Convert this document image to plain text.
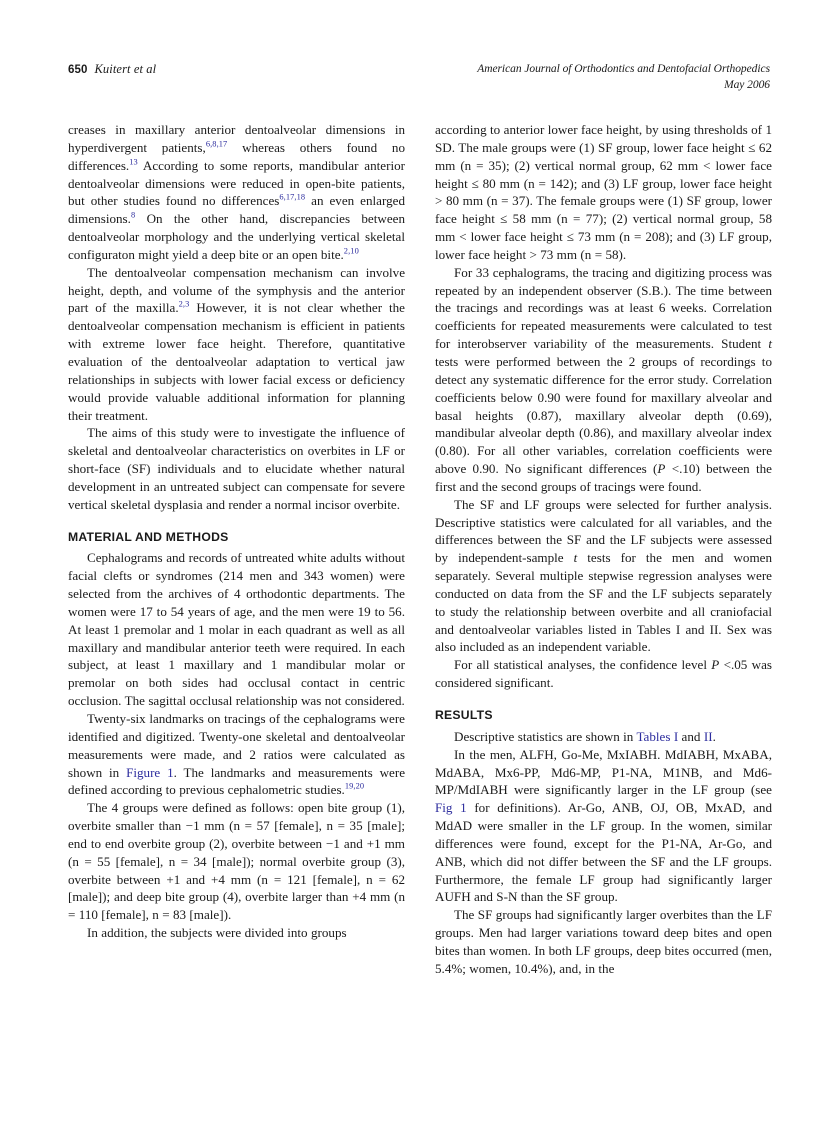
650 Kuitert et al	American Journal of Orthodontics and Dentofacial Orthopedics
May 2006

creases in maxillary anterior dentoalveolar dimensions in hyperdivergent patients,$^{6,8,17}$ whereas others found no differences.$^{13}$ According to some reports, mandibular anterior dentoalveolar dimensions were reduced in open-bite patients, but other studies found no differences$^{6,17,18}$ an even enlarged dimensions.$^8$ On the other hand, discrepancies between dentoalveolar morphology and the underlying vertical skeletal configuraton might yield a deep bite or an open bite.$^{2,10}$

The dentoalveolar compensation mechanism can involve height, depth, and volume of the symphysis and the anterior part of the maxilla.$^{2,3}$ However, it is not clear whether the dentoalveolar compensation mechanism is efficient in patients with extreme lower face height. Therefore, quantitative evaluation of the dentoalveolar adaptation to vertical jaw relationships in subjects with lower facial excess or deficiency would provide valuable additional information for planning their treatment.

The aims of this study were to investigate the influence of skeletal and dentoalveolar characteristics on overbites in LF or short-face (SF) individuals and to elucidate whether natural development in an untreated subject can compensate for severe vertical skeletal dysplasia and render a normal incisor overbite.

MATERIAL AND METHODS

Cephalograms and records of untreated white adults without facial clefts or syndromes (214 men and 343 women) were selected from the archives of 4 orthodontic departments. The women were 17 to 54 years of age, and the men were 19 to 56. At least 1 premolar and 1 molar in each quadrant as well as all maxillary and mandibular anterior teeth were required. In each subject, at least 1 maxillary and 1 mandibular molar or premolar on both sides had occlusal contact in centric occlusion. The sagittal occlusal relationship was not considered.

Twenty-six landmarks on tracings of the cephalograms were identified and digitized. Twenty-one skeletal and dentoalveolar measurements were made, and 2 ratios were calculated as shown in Figure 1. The landmarks and measurements were defined according to previous cephalometric studies.$^{19,20}$

The 4 groups were defined as follows: open bite group (1), overbite smaller than −1 mm (n = 57 [female], n = 35 [male]; end to end overbite group (2), overbite between −1 and +1 mm (n = 55 [female], n = 34 [male]); normal overbite group (3), overbite between +1 and +4 mm (n = 121 [female], n = 62 [male]); and deep bite group (4), overbite larger than +4 mm (n = 110 [female], n = 83 [male]).

In addition, the subjects were divided into groups

according to anterior lower face height, by using thresholds of 1 SD. The male groups were (1) SF group, lower face height ≤ 62 mm (n = 35); (2) vertical normal group, 62 mm < lower face height ≤ 80 mm (n = 142); and (3) LF group, lower face height > 80 mm (n = 37). The female groups were (1) SF group, lower face height ≤ 58 mm (n = 77); (2) vertical normal group, 58 mm < lower face height ≤ 73 mm (n = 208); and (3) LF group, lower face height > 73 mm (n = 58).

For 33 cephalograms, the tracing and digitizing process was repeated by an independent observer (S.B.). The time between the tracings and recordings was at least 6 weeks. Correlation coefficients for repeated measurements were calculated to test for interobserver variability of the measurements. Student t tests were performed between the 2 groups of recordings to detect any systematic difference for the error study. Correlation coefficients below 0.90 were found for maxillary alveolar and basal heights (0.87), maxillary alveolar depth (0.69), mandibular alveolar depth (0.86), and maxillary alveolar index (0.80). For all other variables, correlation coefficients were above 0.90. No significant differences (P <.10) between the first and the second groups of tracings were found.

The SF and LF groups were selected for further analysis. Descriptive statistics were calculated for all variables, and the differences between the SF and the LF subjects were assessed by independent-sample t tests for the men and women separately. Several multiple stepwise regression analyses were conducted on data from the SF and the LF subjects separately to study the relationship between overbite and all craniofacial and dentoalveolar variables listed in Tables I and II. Sex was also included as an independent variable.

For all statistical analyses, the confidence level P <.05 was considered significant.

RESULTS

Descriptive statistics are shown in Tables I and II.

In the men, ALFH, Go-Me, MxIABH. MdIABH, MxABA, MdABA, Mx6-PP, Md6-MP, P1-NA, M1NB, and Md6-MP/MdIABH were significantly larger in the LF group (see Fig 1 for definitions). Ar-Go, ANB, OJ, OB, MxAD, and MdAD were smaller in the LF group. In the women, similar differences were found, except for the P1-NA, Ar-Go, and ANB, which did not differ between the SF and the LF groups. Furthermore, the female LF group had significantly larger AUFH and S-N than the SF group.

The SF groups had significantly larger overbites than the LF groups. Men had larger variations toward deep bites and open bites than women. In both LF groups, deep bites occurred (men, 5.4%; women, 10.4%), and, in the
